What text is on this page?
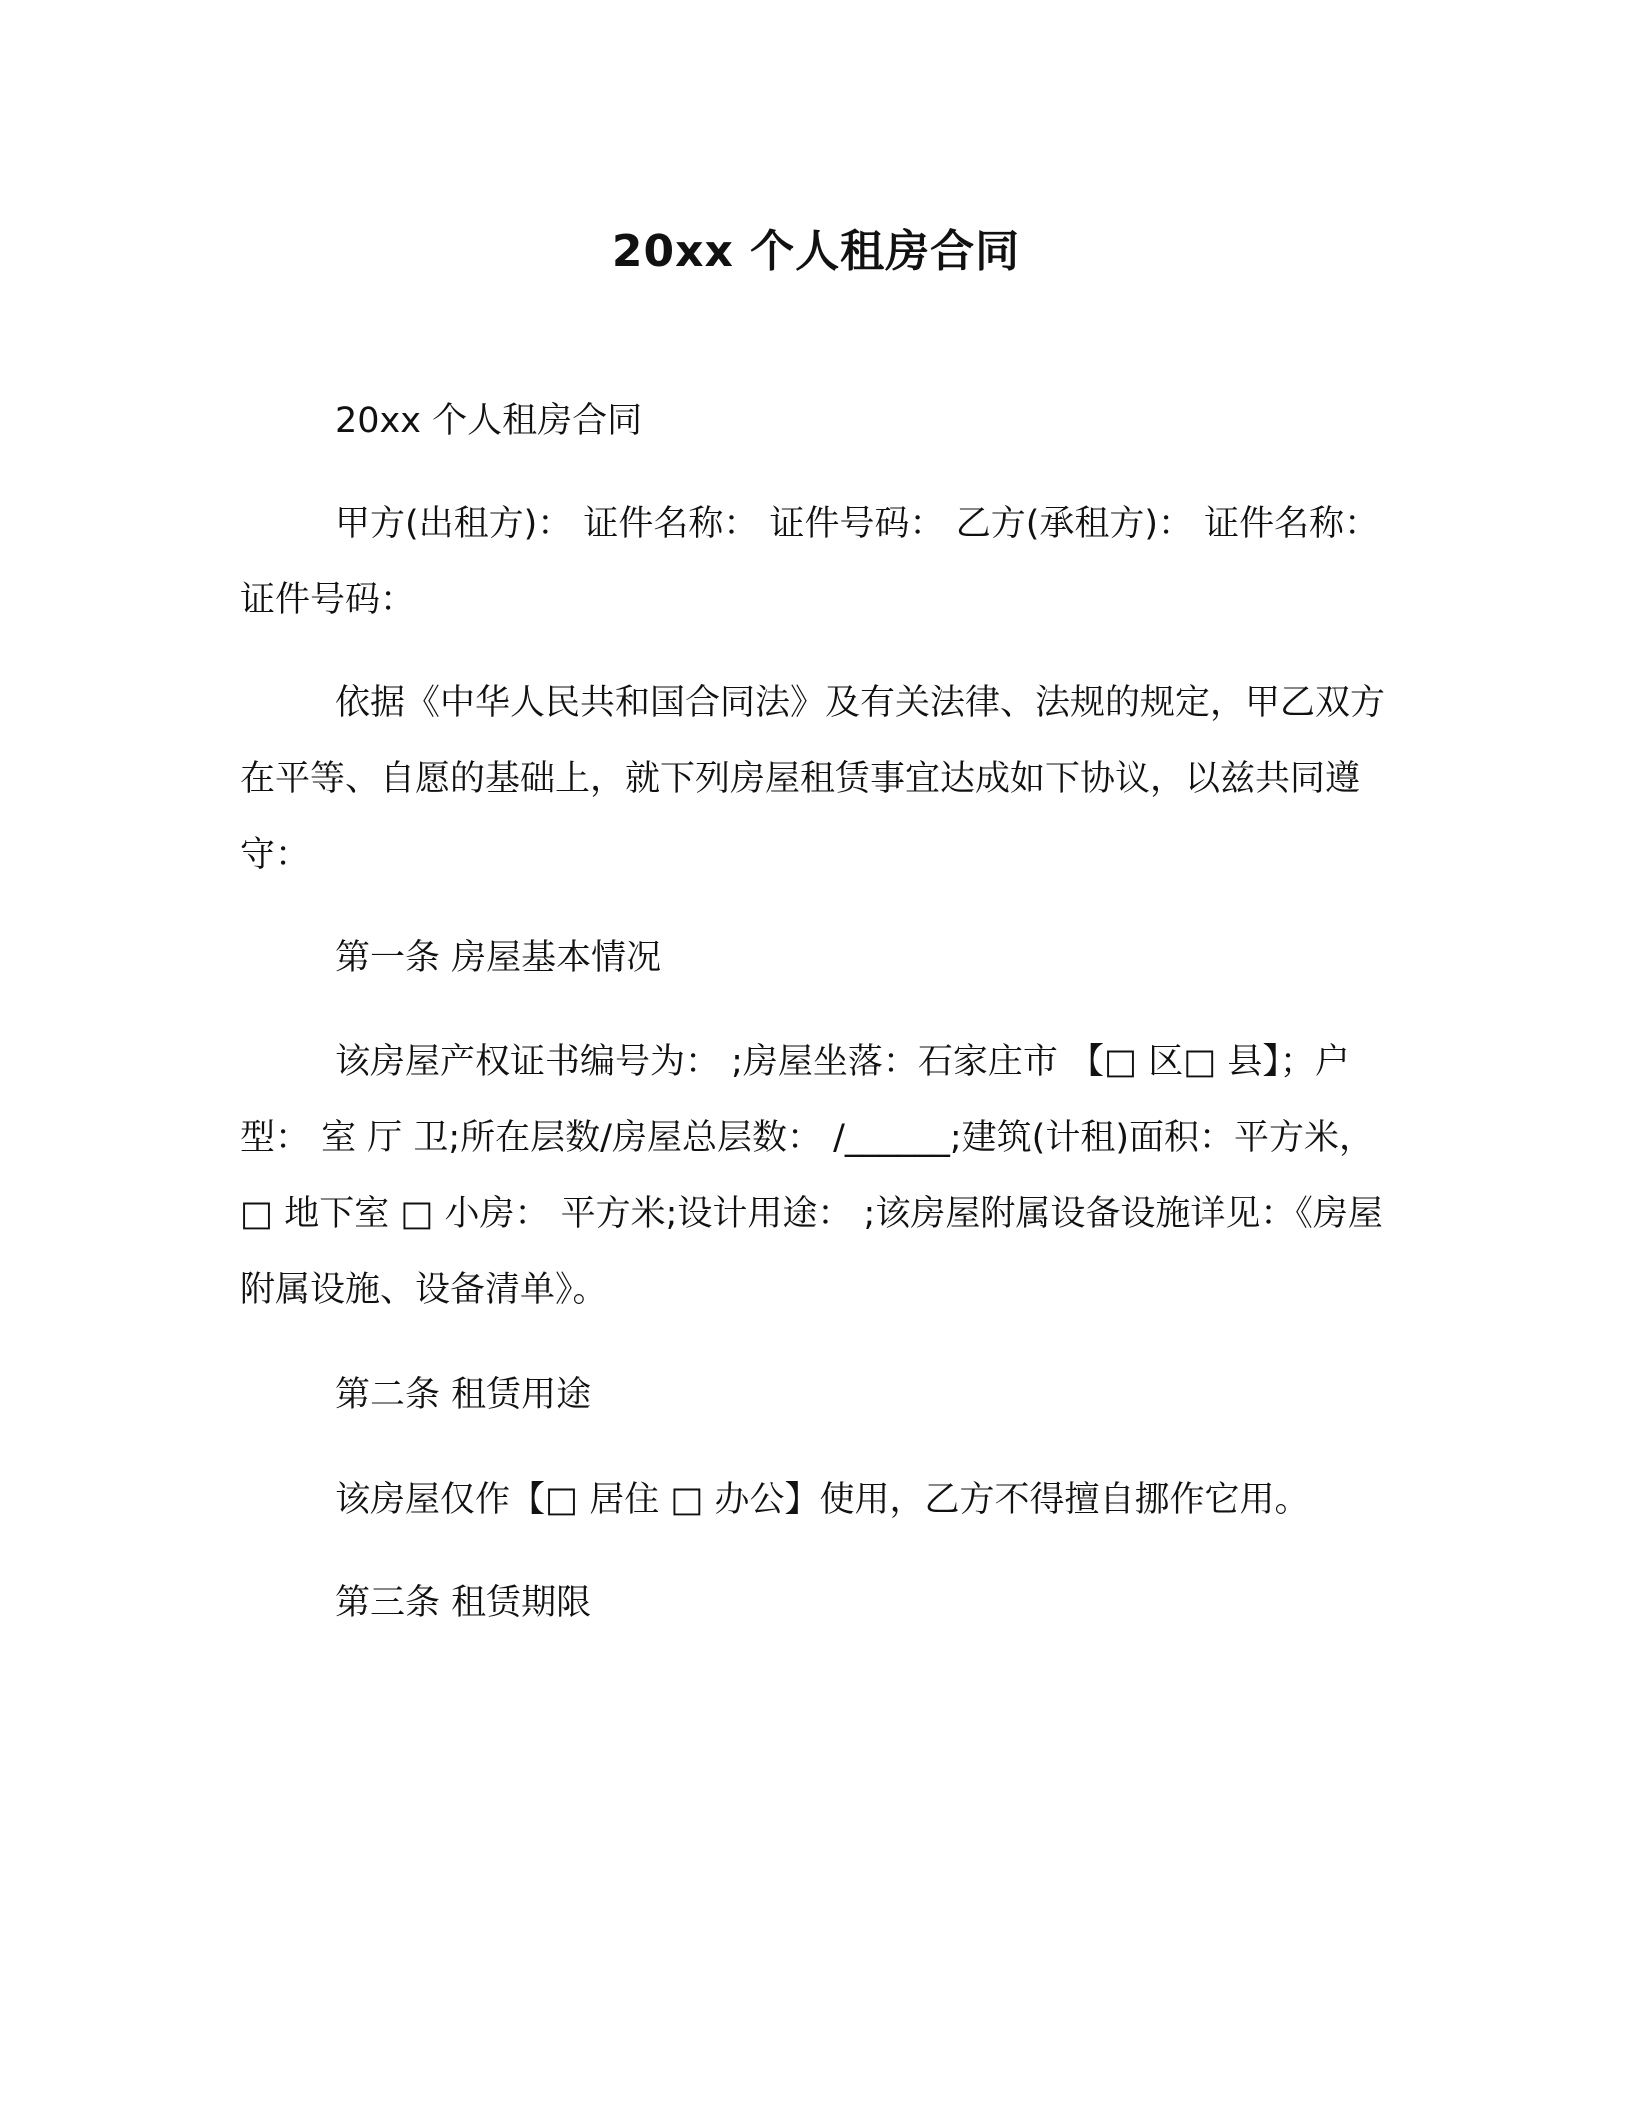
20xx 个人租房合同

20xx 个人租房合同

甲方(出租方)： 证件名称： 证件号码： 乙方(承租方)： 证件名称： 证件号码：

依据《中华人民共和国合同法》及有关法律、法规的规定，甲乙双方在平等、自愿的基础上，就下列房屋租赁事宜达成如下协议，以兹共同遵守：

第一条 房屋基本情况

该房屋产权证书编号为： ;房屋坐落：石家庄市 【□ 区□ 县】；户型： 室 厅 卫;所在层数/房屋总层数： /______;建筑(计租)面积：平方米，□ 地下室 □ 小房： 平方米;设计用途： ;该房屋附属设备设施详见：《房屋附属设施、设备清单》。

第二条 租赁用途

该房屋仅作【□ 居住 □ 办公】使用，乙方不得擅自挪作它用。

第三条 租赁期限
